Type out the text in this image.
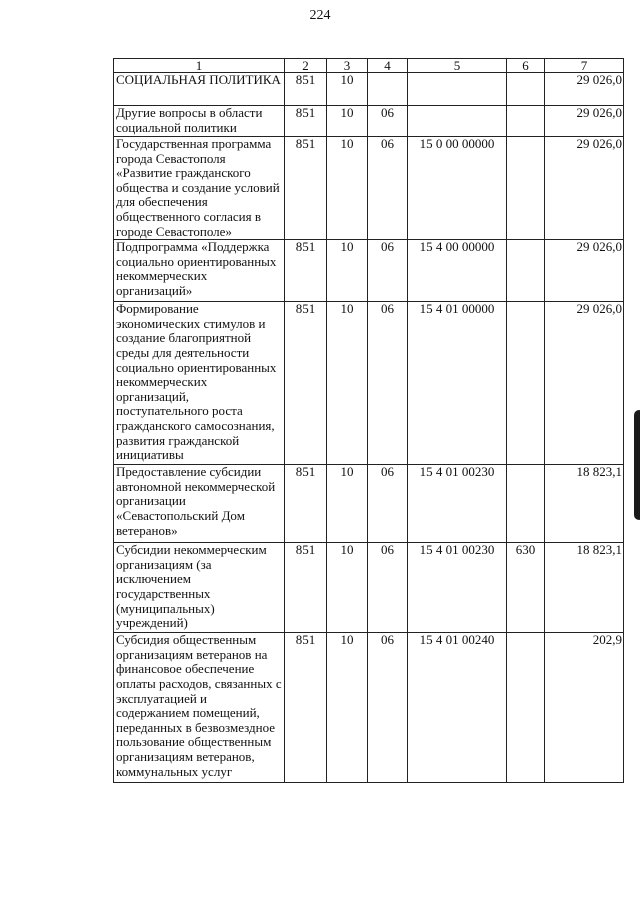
224
1	2	3	4	5	6	7
СОЦИАЛЬНАЯ ПОЛИТИКА	851	10				29 026,0
Другие вопросы в области социальной политики	851	10	06			29 026,0
Государственная программа города Севастополя «Развитие гражданского общества и создание условий для обеспечения общественного согласия в городе Севастополе»	851	10	06	15 0 00 00000		29 026,0
Подпрограмма «Поддержка социально ориентированных некоммерческих организаций»	851	10	06	15 4 00 00000		29 026,0
Формирование экономических стимулов и создание благоприятной среды для деятельности социально ориентированных некоммерческих организаций, поступательного роста гражданского самосознания, развития гражданской инициативы	851	10	06	15 4 01 00000		29 026,0
Предоставление субсидии автономной некоммерческой организации «Севастопольский Дом ветеранов»	851	10	06	15 4 01 00230		18 823,1
Субсидии некоммерческим организациям (за исключением государственных (муниципальных) учреждений)	851	10	06	15 4 01 00230	630	18 823,1
Субсидия общественным организациям ветеранов на финансовое обеспечение оплаты расходов, связанных с эксплуатацией и содержанием помещений, переданных в безвозмездное пользование общественным организациям ветеранов, коммунальных услуг	851	10	06	15 4 01 00240		202,9
